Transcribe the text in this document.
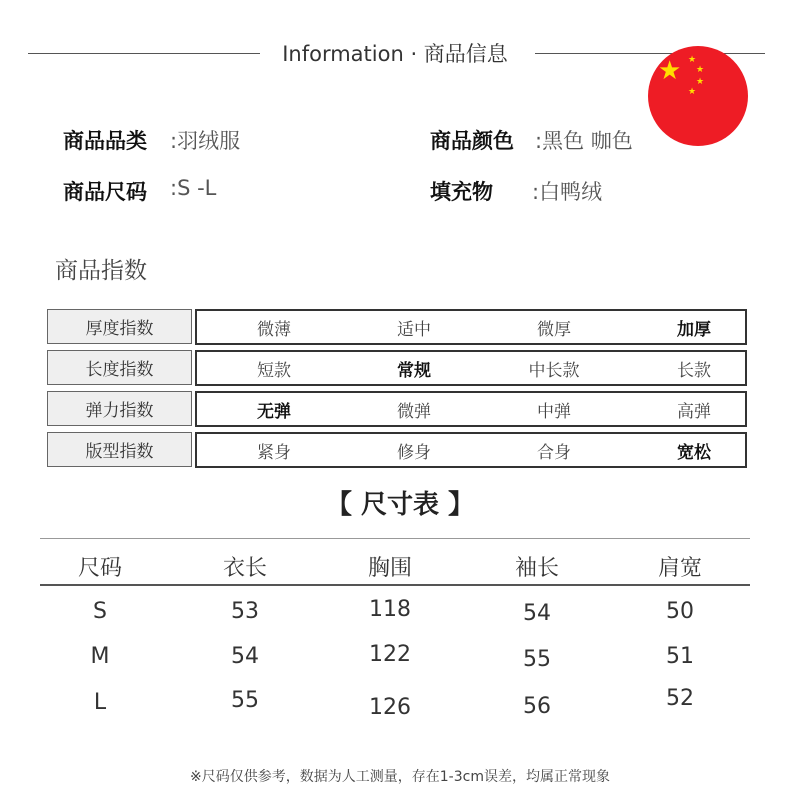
Information · 商品信息
★ ★
★
★
★
商品品类 :羽绒服	商品颜色 :黑色 咖色
商品尺码 :S -L	填充物 :白鸭绒
商品指数
厚度指数	微薄	适中	微厚	加厚
长度指数	短款	常规	中长款	长款
弹力指数	无弹	微弹	中弹	高弹
版型指数	紧身	修身	合身	宽松
【 尺寸表 】
尺码	衣长	胸围	袖长	肩宽
S	53	118	54	50
M	54	122	55	51
L	55	126	56	52
※尺码仅供参考，数据为人工测量，存在1-3cm误差，均属正常现象
